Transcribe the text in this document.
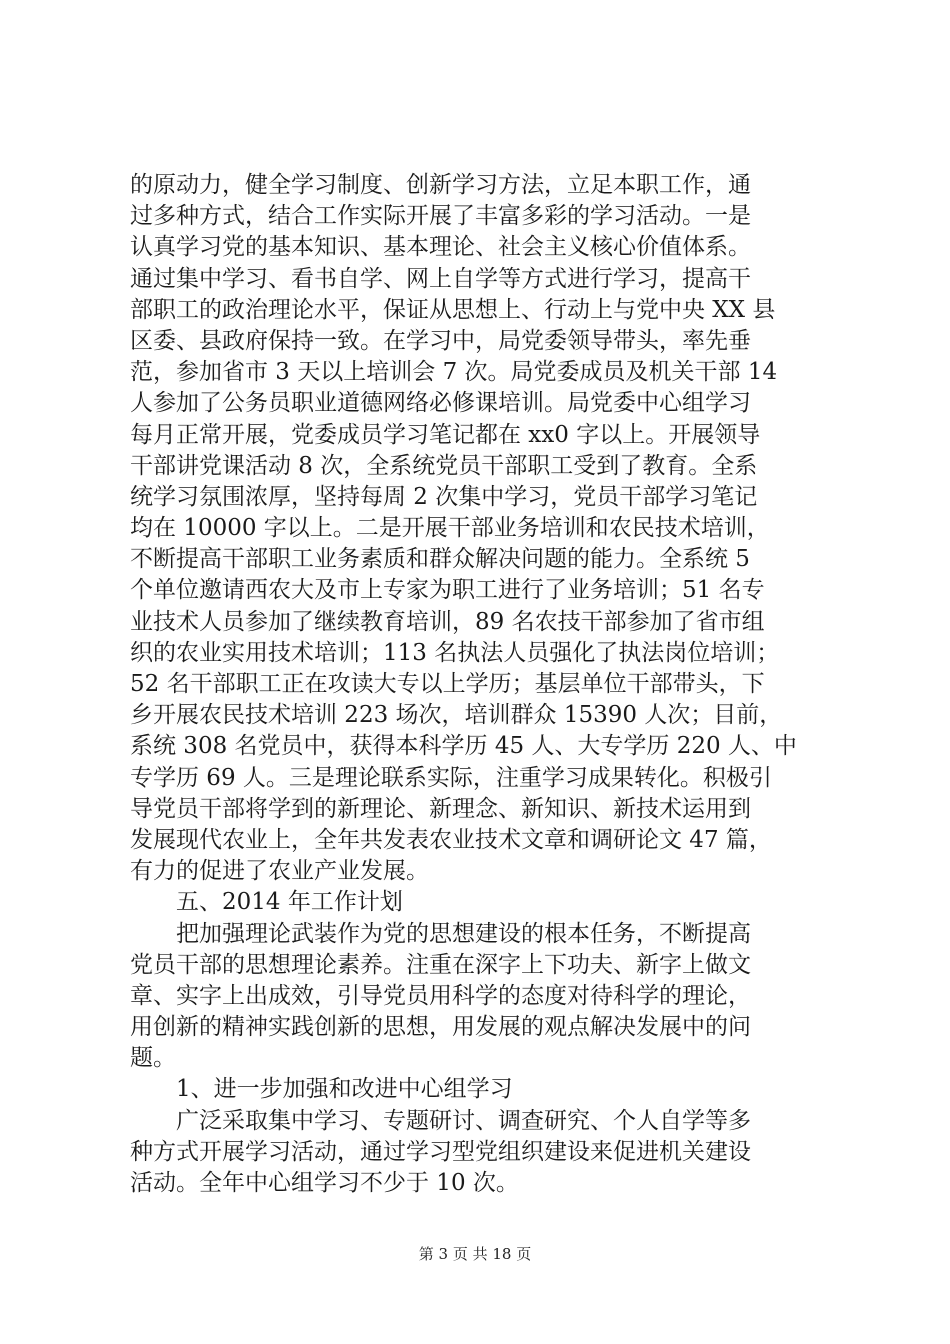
的原动力，健全学习制度、创新学习方法，立足本职工作，通
过多种方式，结合工作实际开展了丰富多彩的学习活动。一是
认真学习党的基本知识、基本理论、社会主义核心价值体系。
通过集中学习、看书自学、网上自学等方式进行学习，提高干
部职工的政治理论水平，保证从思想上、行动上与党中央 XX 县
区委、县政府保持一致。在学习中，局党委领导带头，率先垂
范，参加省市 3 天以上培训会 7 次。局党委成员及机关干部 14
人参加了公务员职业道德网络必修课培训。局党委中心组学习
每月正常开展，党委成员学习笔记都在 xx0 字以上。开展领导
干部讲党课活动 8 次，全系统党员干部职工受到了教育。全系
统学习氛围浓厚，坚持每周 2 次集中学习，党员干部学习笔记
均在 10000 字以上。二是开展干部业务培训和农民技术培训，
不断提高干部职工业务素质和群众解决问题的能力。全系统 5
个单位邀请西农大及市上专家为职工进行了业务培训；51 名专
业技术人员参加了继续教育培训，89 名农技干部参加了省市组
织的农业实用技术培训；113 名执法人员强化了执法岗位培训；
52 名干部职工正在攻读大专以上学历；基层单位干部带头，下
乡开展农民技术培训 223 场次，培训群众 15390 人次；目前，
系统 308 名党员中，获得本科学历 45 人、大专学历 220 人、中
专学历 69 人。三是理论联系实际，注重学习成果转化。积极引
导党员干部将学到的新理论、新理念、新知识、新技术运用到
发展现代农业上，全年共发表农业技术文章和调研论文 47 篇，
有力的促进了农业产业发展。
五、2014 年工作计划
把加强理论武装作为党的思想建设的根本任务，不断提高
党员干部的思想理论素养。注重在深字上下功夫、新字上做文
章、实字上出成效，引导党员用科学的态度对待科学的理论，
用创新的精神实践创新的思想，用发展的观点解决发展中的问
题。
1、进一步加强和改进中心组学习
广泛采取集中学习、专题研讨、调查研究、个人自学等多
种方式开展学习活动，通过学习型党组织建设来促进机关建设
活动。全年中心组学习不少于 10 次。
第 3 页 共 18 页
